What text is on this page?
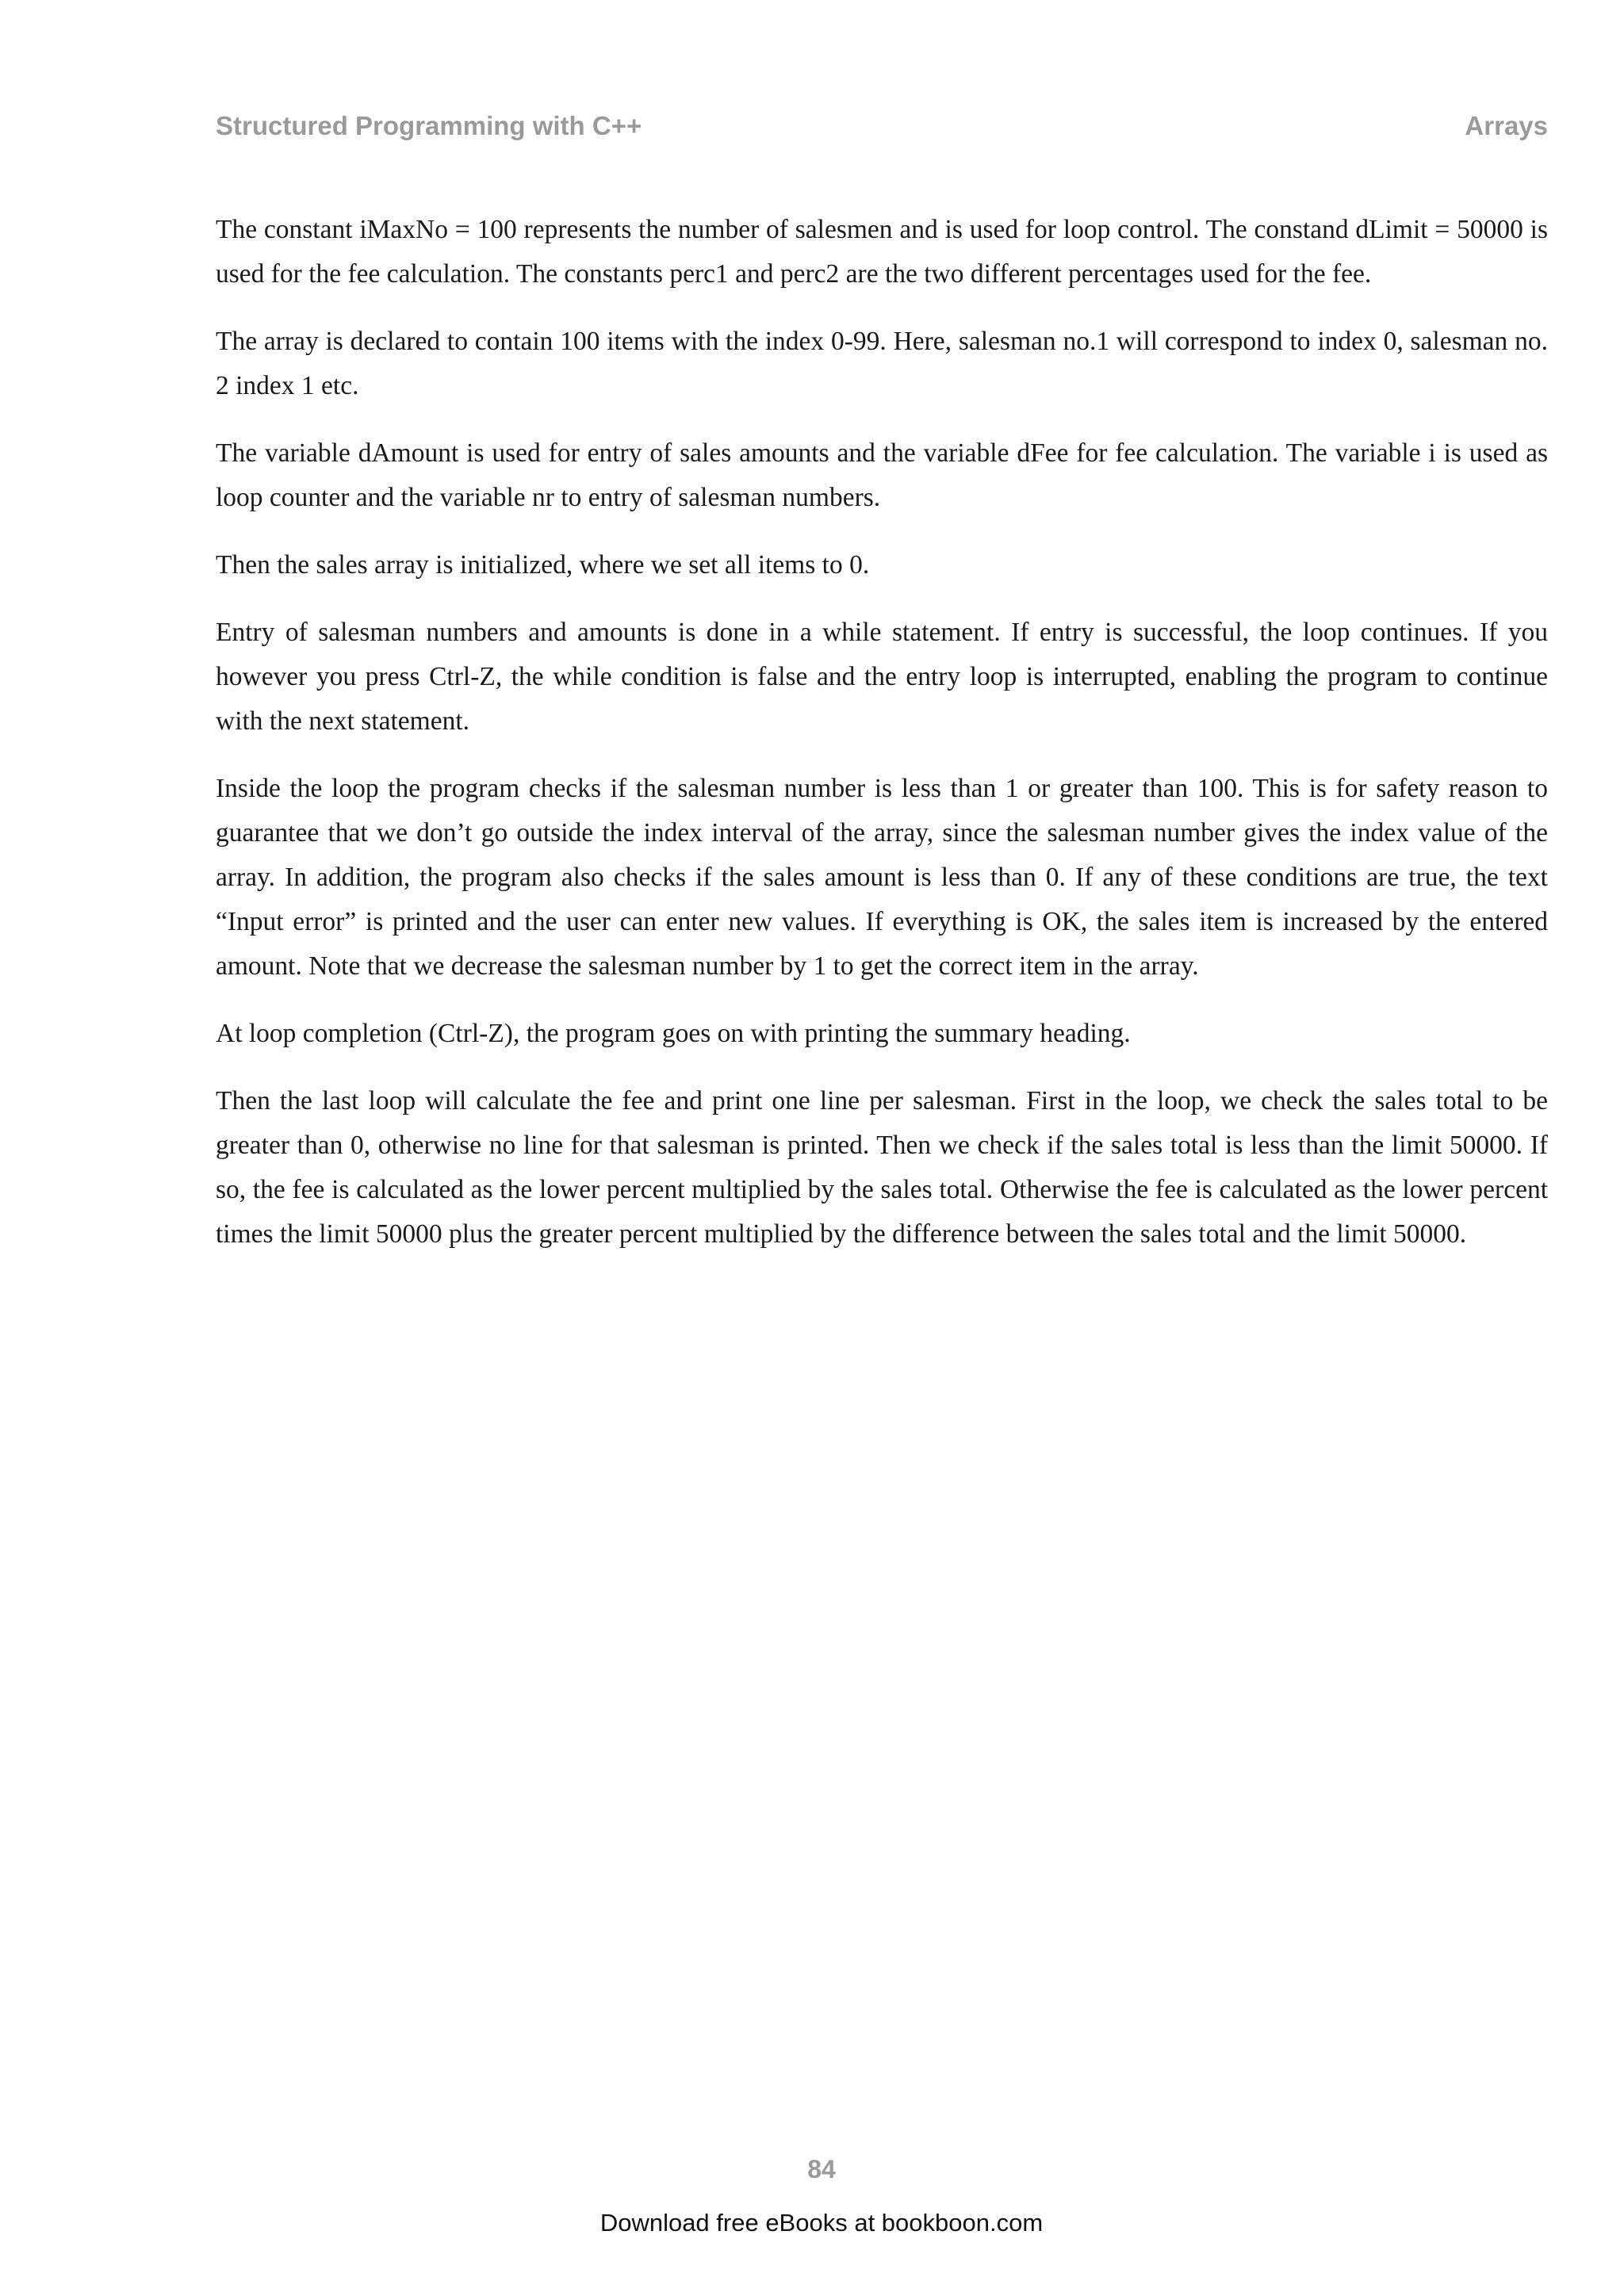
Structured Programming with C++	Arrays

The constant iMaxNo = 100 represents the number of salesmen and is used for loop control. The constand dLimit = 50000 is used for the fee calculation. The constants perc1 and perc2 are the two different percentages used for the fee.

The array is declared to contain 100 items with the index 0-99. Here, salesman no.1 will correspond to index 0, salesman no. 2 index 1 etc.

The variable dAmount is used for entry of sales amounts and the variable dFee for fee calculation. The variable i is used as loop counter and the variable nr to entry of salesman numbers.

Then the sales array is initialized, where we set all items to 0.

Entry of salesman numbers and amounts is done in a while statement. If entry is successful, the loop continues. If you however you press Ctrl-Z, the while condition is false and the entry loop is interrupted, enabling the program to continue with the next statement.

Inside the loop the program checks if the salesman number is less than 1 or greater than 100. This is for safety reason to guarantee that we don’t go outside the index interval of the array, since the salesman number gives the index value of the array. In addition, the program also checks if the sales amount is less than 0. If any of these conditions are true, the text “Input error” is printed and the user can enter new values. If everything is OK, the sales item is increased by the entered amount. Note that we decrease the salesman number by 1 to get the correct item in the array.

At loop completion (Ctrl-Z), the program goes on with printing the summary heading.

Then the last loop will calculate the fee and print one line per salesman. First in the loop, we check the sales total to be greater than 0, otherwise no line for that salesman is printed. Then we check if the sales total is less than the limit 50000. If so, the fee is calculated as the lower percent multiplied by the sales total. Otherwise the fee is calculated as the lower percent times the limit 50000 plus the greater percent multiplied by the difference between the sales total and the limit 50000.

84
Download free eBooks at bookboon.com
